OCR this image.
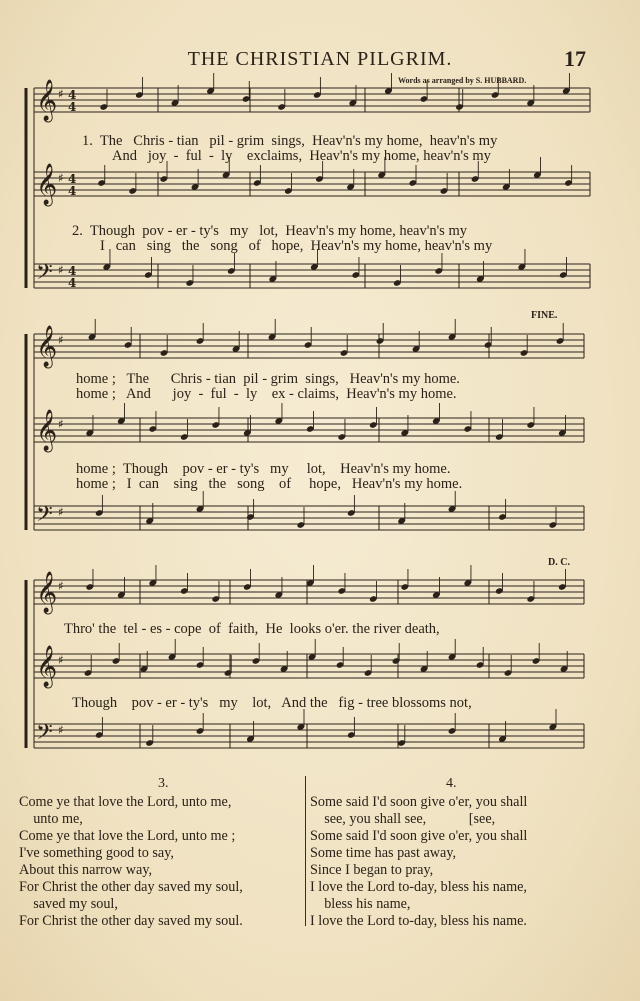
THE CHRISTIAN PILGRIM.	17
Words as arranged by S. HUBBARD.
FINE.
D. C.
𝄞 ♯ 4
4
𝄞 ♯ 4
4
𝄢 ♯ 4
4
𝄞 ♯
𝄞 ♯
𝄢 ♯
𝄞 ♯
𝄞 ♯
𝄢 ♯
1.  The   Chris - tian   pil - grim  sings,  Heav'n's my home,  heav'n's my
And   joy  -  ful  -  ly    exclaims,  Heav'n's my home, heav'n's my
2.  Though  pov - er - ty's   my   lot,  Heav'n's my home, heav'n's my
I   can   sing   the   song   of   hope,  Heav'n's my home, heav'n's my
home ;   The      Chris - tian  pil - grim  sings,   Heav'n's my home.
home ;   And      joy  -  ful  -  ly    ex - claims,  Heav'n's my home.
home ;  Though    pov - er - ty's   my     lot,    Heav'n's my home.
home ;   I  can    sing   the   song    of     hope,   Heav'n's my home.
Thro' the  tel - es - cope  of  faith,  He  looks o'er. the river death,
Though    pov - er - ty's   my    lot,   And the   fig - tree blossoms not,
3.	4.
Come ye that love the Lord, unto me,
unto me,
Come ye that love the Lord, unto me ;
I've something good to say,
About this narrow way,
For Christ the other day saved my soul,
saved my soul,
For Christ the other day saved my soul.
Some said I'd soon give o'er, you shall
see, you shall see,            [see,
Some said I'd soon give o'er, you shall
Some time has past away,
Since I began to pray,
I love the Lord to-day, bless his name,
bless his name,
I love the Lord to-day, bless his name.
